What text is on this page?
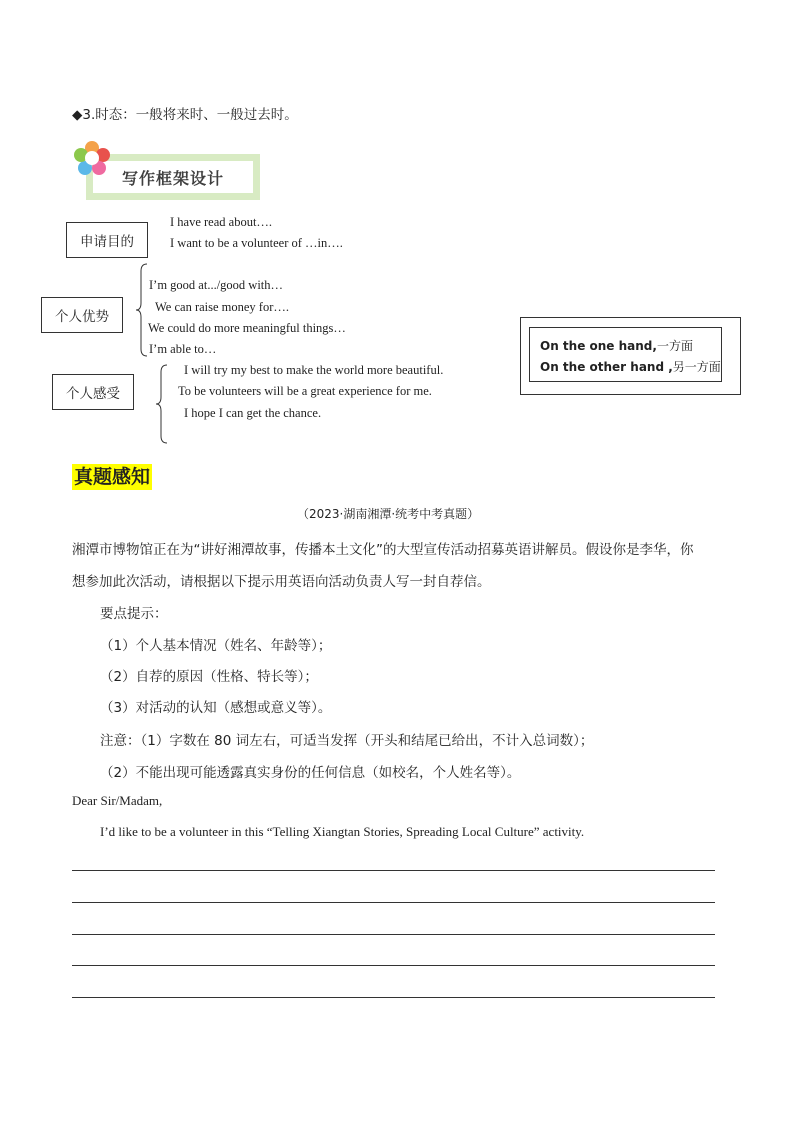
◆3.时态：一般将来时、一般过去时。
写作框架设计
申请目的
I have read about….
I want to be a volunteer of …in….
个人优势
I’m good at.../good with…
We can raise money for….
We could do more meaningful things…
I’m able to…
个人感受
I will try my best to make the world more beautiful.
To be volunteers will be a great experience for me.
I hope I can get the chance.
On the one hand,一方面
On the other hand ,另一方面
真题感知
（2023·湖南湘潭·统考中考真题）
湘潭市博物馆正在为“讲好湘潭故事，传播本土文化”的大型宣传活动招募英语讲解员。假设你是李华，你
想参加此次活动，请根据以下提示用英语向活动负责人写一封自荐信。
要点提示：
（1）个人基本情况（姓名、年龄等）；
（2）自荐的原因（性格、特长等）；
（3）对活动的认知（感想或意义等）。
注意：（1）字数在 80 词左右，可适当发挥（开头和结尾已给出，不计入总词数）；
（2）不能出现可能透露真实身份的任何信息（如校名，个人姓名等）。
Dear Sir/Madam,
I’d like to be a volunteer in this “Telling Xiangtan Stories, Spreading Local Culture” activity.
